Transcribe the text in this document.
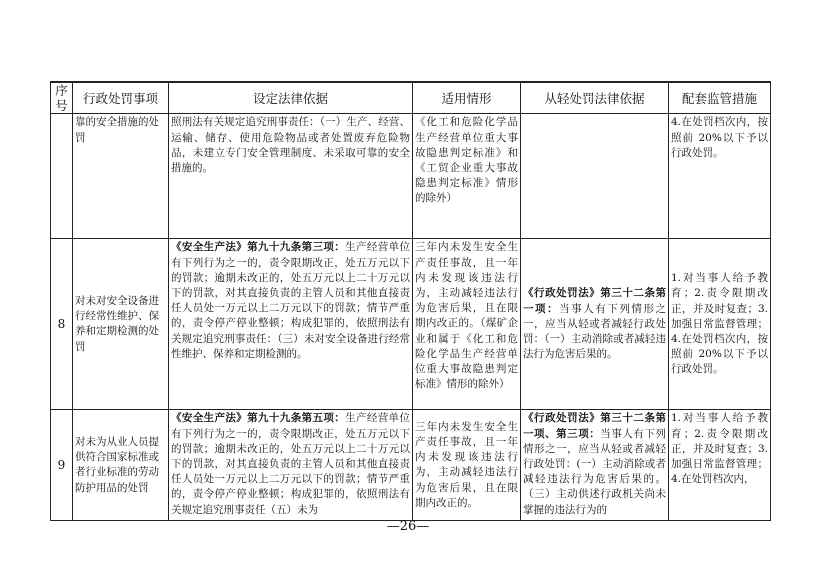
序号	行政处罚事项	设定法律依据	适用情形	从轻处罚法律依据	配套监管措施
	靠的安全措施的处罚	照刑法有关规定追究刑事责任：（一）生产、经营、运输、储存、使用危险物品或者处置废弃危险物品，未建立专门安全管理制度、未采取可靠的安全措施的。	《化工和危险化学品生产经营单位重大事故隐患判定标准》和《工贸企业重大事故隐患判定标准》情形的除外）		4.在处罚档次内，按照前 20%以下予以行政处罚。
8	对未对安全设备进行经常性维护、保养和定期检测的处罚	《安全生产法》第九十九条第三项：生产经营单位有下列行为之一的，责令限期改正，处五万元以下的罚款；逾期未改正的，处五万元以上二十万元以下的罚款，对其直接负责的主管人员和其他直接责任人员处一万元以上二万元以下的罚款；情节严重的，责令停产停业整顿；构成犯罪的，依照刑法有关规定追究刑事责任：（三）未对安全设备进行经常性维护、保养和定期检测的。	三年内未发生安全生产责任事故，且一年内未发现该违法行为，主动减轻违法行为危害后果，且在限期内改正的。（煤矿企业和属于《化工和危险化学品生产经营单位重大事故隐患判定标准》情形的除外）	《行政处罚法》第三十二条第一项：当事人有下列情形之一，应当从轻或者减轻行政处罚：（一）主动消除或者减轻违法行为危害后果的。	1.对当事人给予教育；2.责令限期改正，并及时复查；3.加强日常监督管理；4.在处罚档次内，按照前 20%以下予以行政处罚。
9	对未为从业人员提供符合国家标准或者行业标准的劳动防护用品的处罚	《安全生产法》第九十九条第五项：生产经营单位有下列行为之一的，责令限期改正，处五万元以下的罚款；逾期未改正的，处五万元以上二十万元以下的罚款，对其直接负责的主管人员和其他直接责任人员处一万元以上二万元以下的罚款；情节严重的，责令停产停业整顿；构成犯罪的，依照刑法有关规定追究刑事责任（五）未为	三年内未发生安全生产责任事故，且一年内未发现该违法行为，主动减轻违法行为危害后果，且在限期内改正的。	《行政处罚法》第三十二条第一项、第三项：当事人有下列情形之一，应当从轻或者减轻行政处罚：(一）主动消除或者减轻违法行为危害后果的。（三）主动供述行政机关尚未掌握的违法行为的	1.对当事人给予教育；2.责令限期改正，并及时复查；3.加强日常监督管理；4.在处罚档次内，
—26—
